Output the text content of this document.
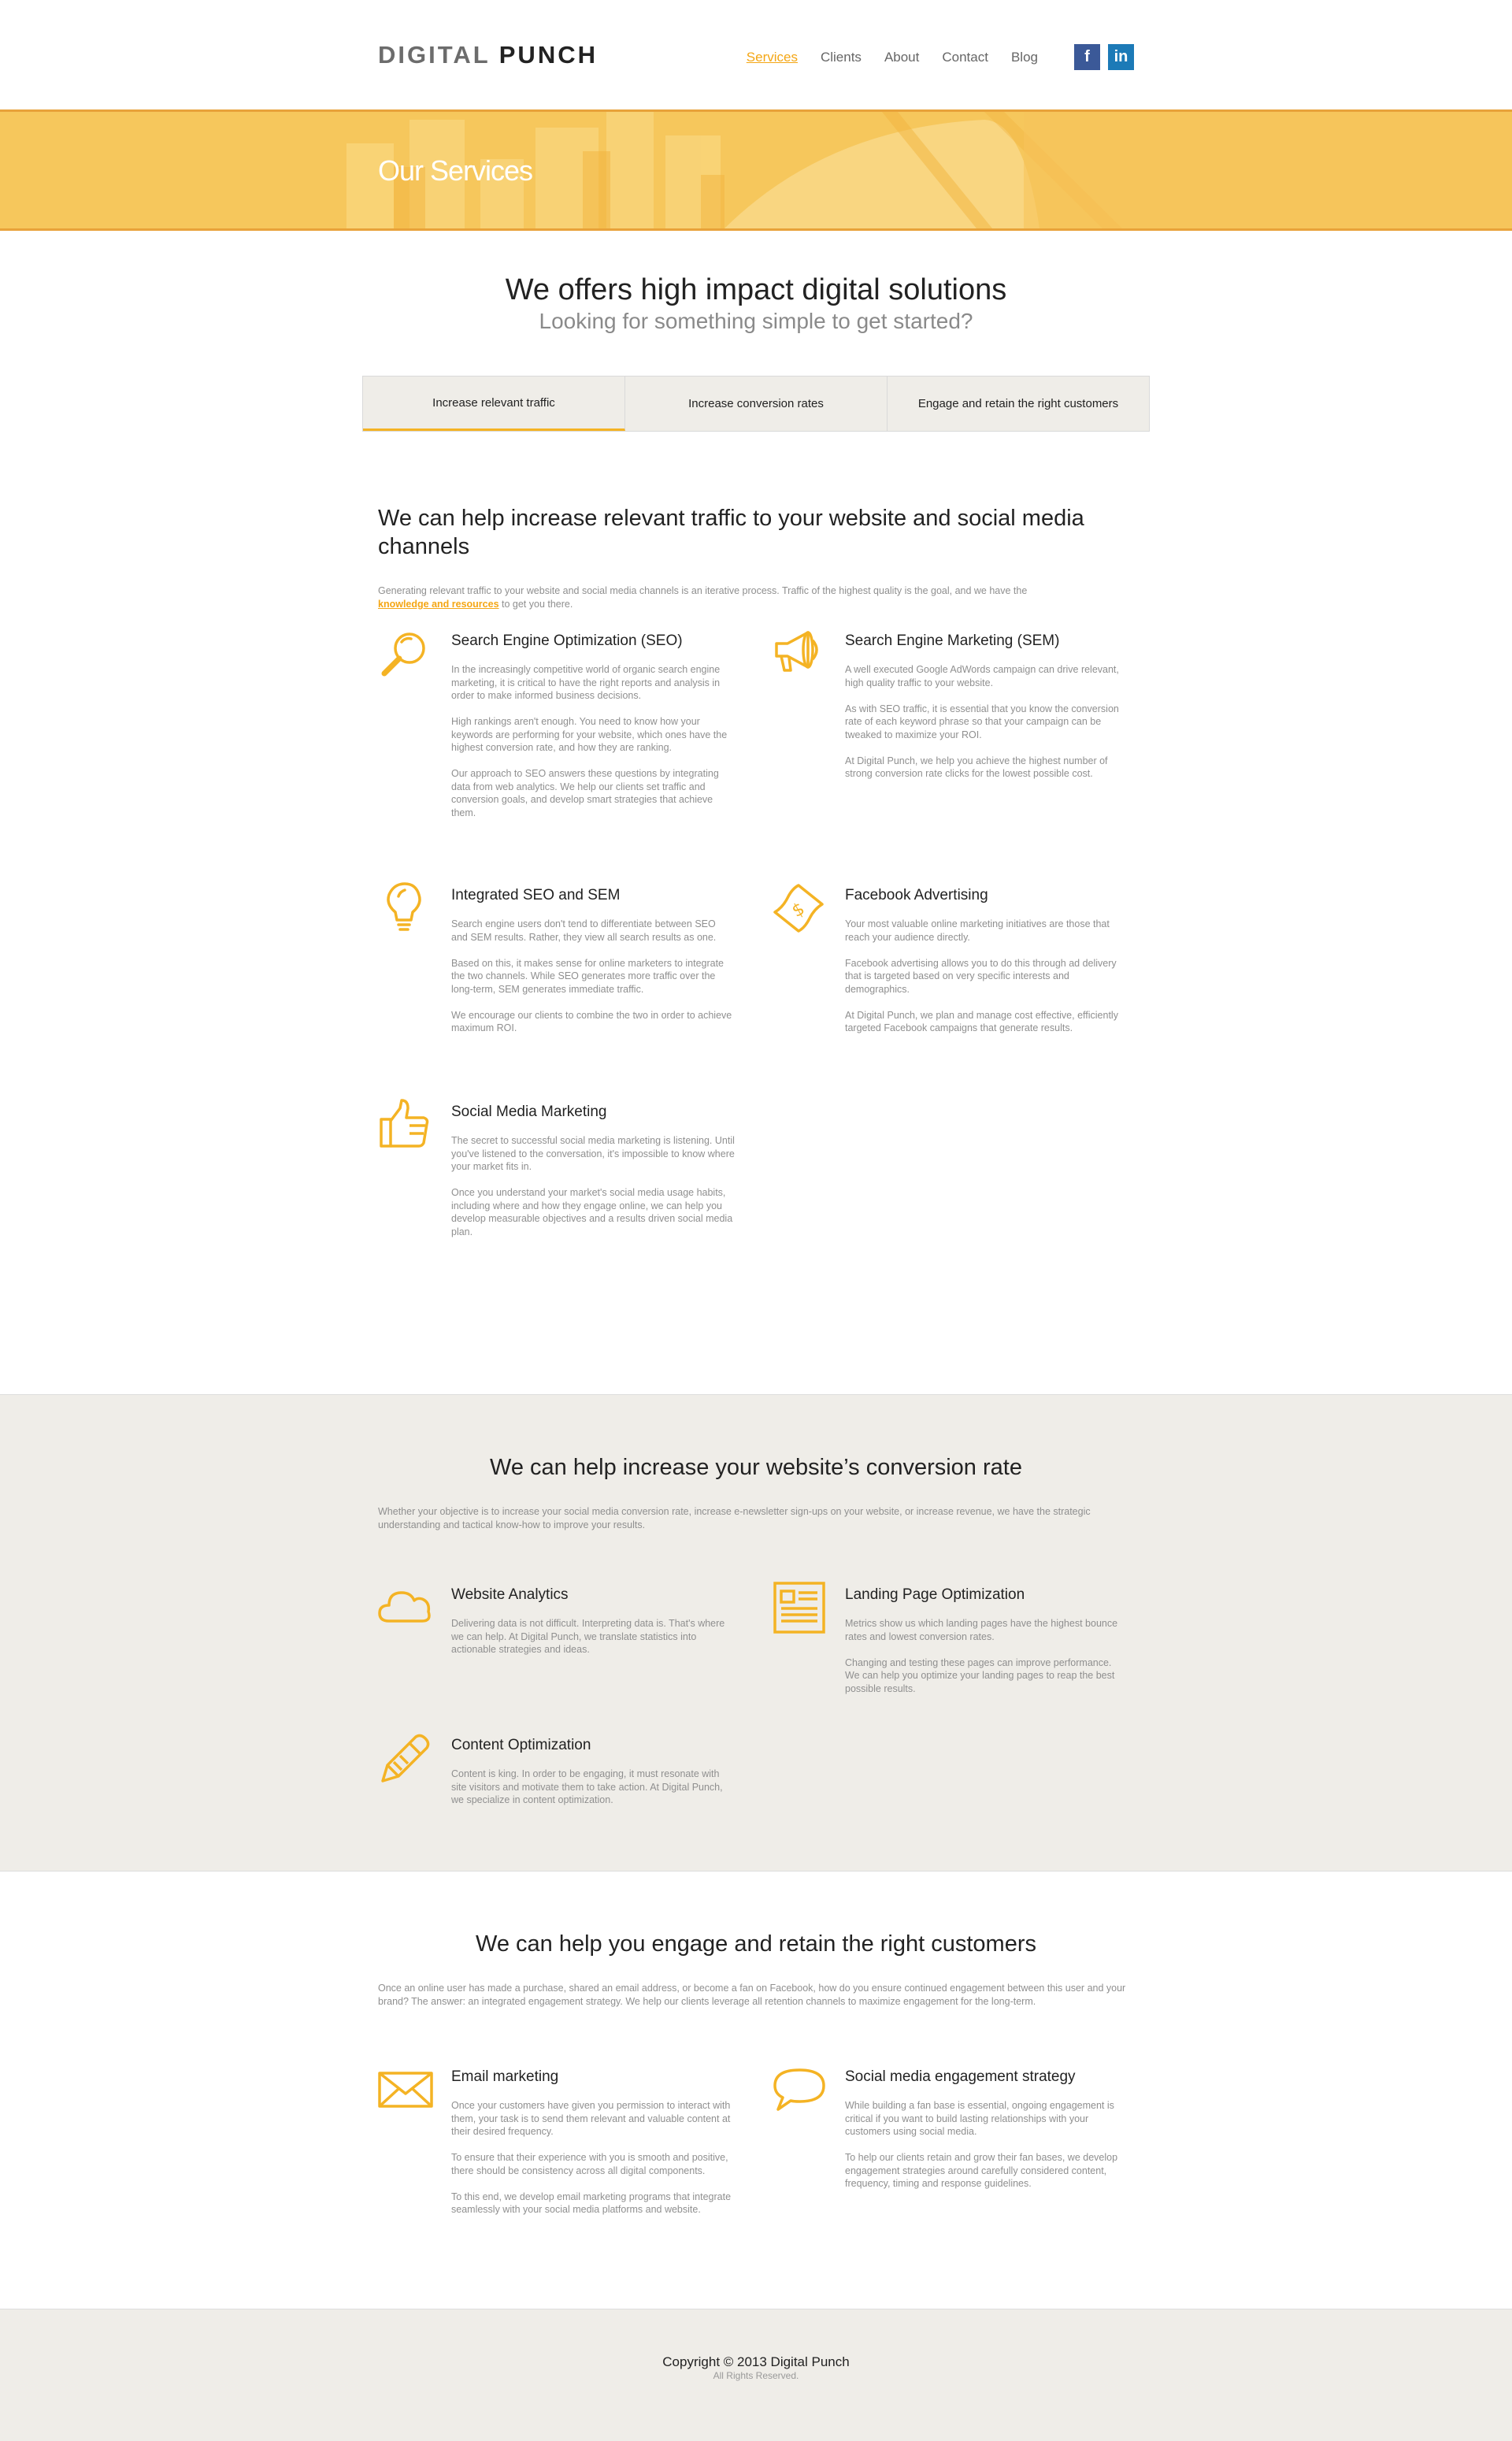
DIGITAL PUNCH	Services Clients About Contact Blog	f in
Our Services
We offers high impact digital solutions
Looking for something simple to get started?
Increase relevant traffic	Increase conversion rates	Engage and retain the right customers
We can help increase relevant traffic to your website and social media channels

Generating relevant traffic to your website and social media channels is an iterative process. Traffic of the highest quality is the goal, and we have the
knowledge and resources to get you there.

Search Engine Optimization (SEO)

In the increasingly competitive world of organic search engine marketing, it is critical to have the right reports and analysis in order to make informed business decisions.

High rankings aren't enough. You need to know how your keywords are performing for your website, which ones have the highest conversion rate, and how they are ranking.

Our approach to SEO answers these questions by integrating data from web analytics. We help our clients set traffic and conversion goals, and develop smart strategies that achieve them.

Search Engine Marketing (SEM)

A well executed Google AdWords campaign can drive relevant, high quality traffic to your website.

As with SEO traffic, it is essential that you know the conversion rate of each keyword phrase so that your campaign can be tweaked to maximize your ROI.

At Digital Punch, we help you achieve the highest number of strong conversion rate clicks for the lowest possible cost.

Integrated SEO and SEM

Search engine users don't tend to differentiate between SEO and SEM results. Rather, they view all search results as one.

Based on this, it makes sense for online marketers to integrate the two channels. While SEO generates more traffic over the long-term, SEM generates immediate traffic.

We encourage our clients to combine the two in order to achieve maximum ROI.

$
Facebook Advertising

Your most valuable online marketing initiatives are those that reach your audience directly.

Facebook advertising allows you to do this through ad delivery that is targeted based on very specific interests and demographics.

At Digital Punch, we plan and manage cost effective, efficiently targeted Facebook campaigns that generate results.

Social Media Marketing

The secret to successful social media marketing is listening. Until you've listened to the conversation, it's impossible to know where your market fits in.

Once you understand your market's social media usage habits, including where and how they engage online, we can help you develop measurable objectives and a results driven social media plan.

We can help increase your website’s conversion rate

Whether your objective is to increase your social media conversion rate, increase e-newsletter sign-ups on your website, or increase revenue, we have the strategic understanding and tactical know-how to improve your results.

Website Analytics

Delivering data is not difficult. Interpreting data is. That's where we can help. At Digital Punch, we translate statistics into actionable strategies and ideas.

Landing Page Optimization

Metrics show us which landing pages have the highest bounce rates and lowest conversion rates.

Changing and testing these pages can improve performance. We can help you optimize your landing pages to reap the best possible results.

Content Optimization

Content is king. In order to be engaging, it must resonate with site visitors and motivate them to take action. At Digital Punch, we specialize in content optimization.

We can help you engage and retain the right customers

Once an online user has made a purchase, shared an email address, or become a fan on Facebook, how do you ensure continued engagement between this user and your brand? The answer: an integrated engagement strategy. We help our clients leverage all retention channels to maximize engagement for the long-term.

Email marketing

Once your customers have given you permission to interact with them, your task is to send them relevant and valuable content at their desired frequency.

To ensure that their experience with you is smooth and positive, there should be consistency across all digital components.

To this end, we develop email marketing programs that integrate seamlessly with your social media platforms and website.

Social media engagement strategy

While building a fan base is essential, ongoing engagement is critical if you want to build lasting relationships with your customers using social media.

To help our clients retain and grow their fan bases, we develop engagement strategies around carefully considered content, frequency, timing and response guidelines.

Copyright © 2013 Digital Punch
All Rights Reserved.
